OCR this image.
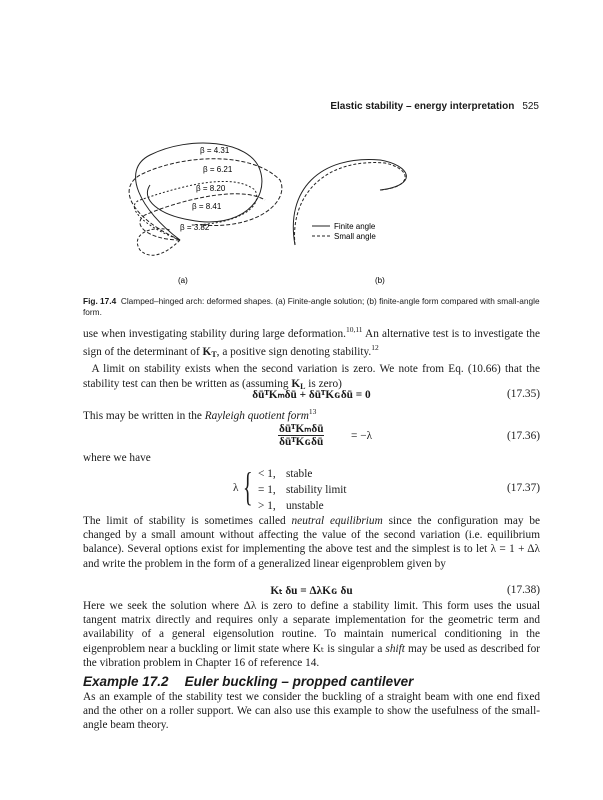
Elastic stability – energy interpretation 525
β = 4.31
β = 6.21
β = 8.20
β = 8.41
β = 3.82	Finite angle
Small angle
(a)	(b)
Fig. 17.4 Clamped–hinged arch: deformed shapes. (a) Finite-angle solution; (b) finite-angle form compared with small-angle form.
use when investigating stability during large deformation.$^{10,11}$ An alternative test is to investigate the sign of the determinant of $K_T$, a positive sign denoting stability.$^{12}$
A limit on stability exists when the second variation is zero. We note from Eq. (10.66) that the stability test can then be written as (assuming $K_L$ is zero)
δūᵀKₘδū + δūᵀKɢδū = 0	(17.35)
This may be written in the Rayleigh quotient form$^{13}$
δūᵀKₘδū
δūᵀKɢδū = −λ	(17.36)
where we have
λ { < 1, stable
= 1, stability limit
> 1, unstable
(17.37)
The limit of stability is sometimes called neutral equilibrium since the configuration may be changed by a small amount without affecting the value of the second variation (i.e. equilibrium balance). Several options exist for implementing the above test and the simplest is to let λ = 1 + Δλ and write the problem in the form of a generalized linear eigenproblem given by
Kₜ δu = ΔλKɢ δu	(17.38)
Here we seek the solution where Δλ is zero to define a stability limit. This form uses the usual tangent matrix directly and requires only a separate implementation for the geometric term and availability of a general eigensolution routine. To maintain numerical conditioning in the eigenproblem near a buckling or limit state where Kₜ is singular a shift may be used as described for the vibration problem in Chapter 16 of reference 14.
Example 17.2 Euler buckling – propped cantilever
As an example of the stability test we consider the buckling of a straight beam with one end fixed and the other on a roller support. We can also use this example to show the usefulness of the small-angle beam theory.
